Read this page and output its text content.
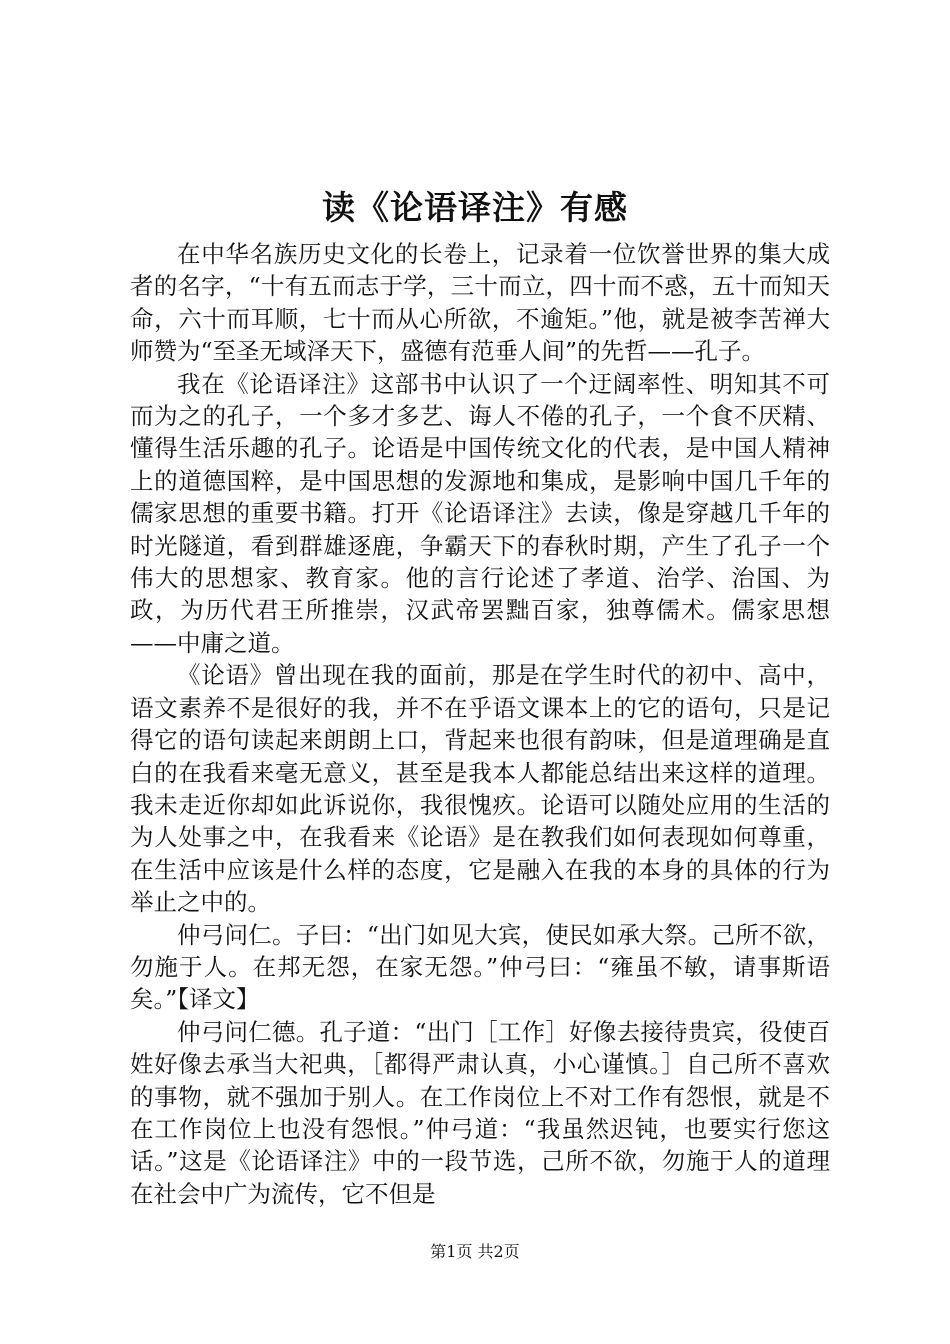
读《论语译注》有感

在中华名族历史文化的长卷上，记录着一位饮誉世界的集大成者的名字，“十有五而志于学，三十而立，四十而不惑，五十而知天命，六十而耳顺，七十而从心所欲，不逾矩。”他，就是被李苦禅大师赞为“至圣无域泽天下，盛德有范垂人间”的先哲——孔子。

我在《论语译注》这部书中认识了一个迂阔率性、明知其不可而为之的孔子，一个多才多艺、诲人不倦的孔子，一个食不厌精、懂得生活乐趣的孔子。论语是中国传统文化的代表，是中国人精神上的道德国粹，是中国思想的发源地和集成，是影响中国几千年的儒家思想的重要书籍。打开《论语译注》去读，像是穿越几千年的时光隧道，看到群雄逐鹿，争霸天下的春秋时期，产生了孔子一个伟大的思想家、教育家。他的言行论述了孝道、治学、治国、为政，为历代君王所推崇，汉武帝罢黜百家，独尊儒术。儒家思想——中庸之道。

《论语》曾出现在我的面前，那是在学生时代的初中、高中，语文素养不是很好的我，并不在乎语文课本上的它的语句，只是记得它的语句读起来朗朗上口，背起来也很有韵味，但是道理确是直白的在我看来毫无意义，甚至是我本人都能总结出来这样的道理。我未走近你却如此诉说你，我很愧疚。论语可以随处应用的生活的为人处事之中，在我看来《论语》是在教我们如何表现如何尊重，在生活中应该是什么样的态度，它是融入在我的本身的具体的行为举止之中的。

仲弓问仁。子曰：“出门如见大宾，使民如承大祭。己所不欲，勿施于人。在邦无怨，在家无怨。”仲弓曰：“雍虽不敏，请事斯语矣。”【译文】

仲弓问仁德。孔子道：“出门［工作］好像去接待贵宾，役使百姓好像去承当大祀典，［都得严肃认真，小心谨慎。］自己所不喜欢的事物，就不强加于别人。在工作岗位上不对工作有怨恨，就是不在工作岗位上也没有怨恨。”仲弓道：“我虽然迟钝，也要实行您这话。”这是《论语译注》中的一段节选，己所不欲，勿施于人的道理在社会中广为流传，它不但是

第1页 共2页
